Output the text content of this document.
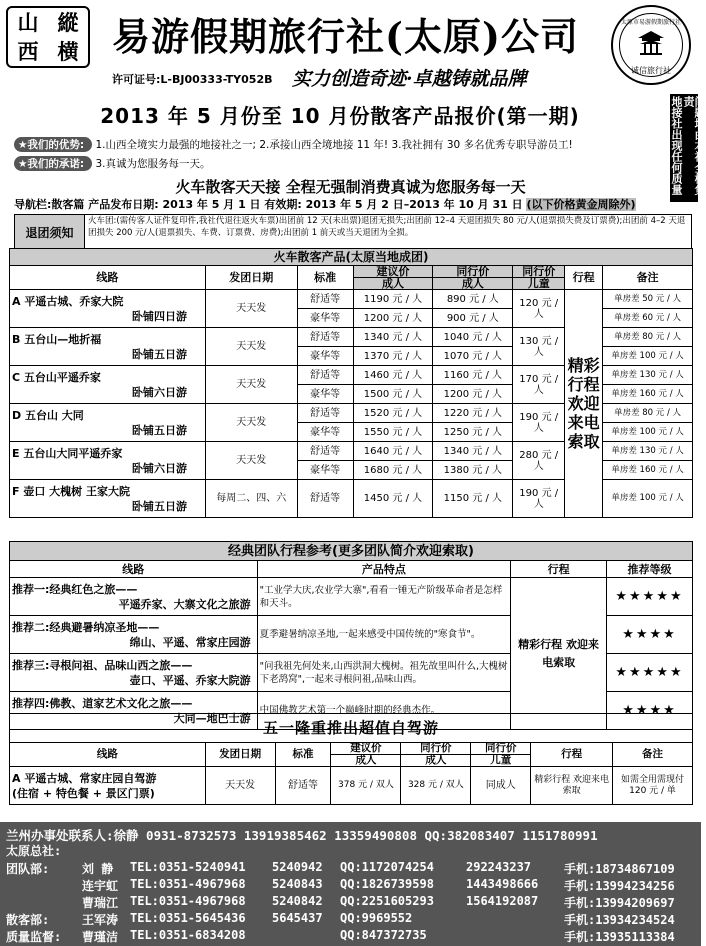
山 縱
西 横 易游假期旅行社(太原)公司
许可证号:L-BJ00333-TY052B 实力创造奇迹·卓越铸就品牌
太原市易游假期旅行社
诚信旅行社
2013 年 5 月份至 10 月份散客产品报价(第一期)	地接社出现任何质量 问题均由本社全权负责
★我们的优势: 1.山西全境实力最强的地接社之一; 2.承接山西全境地接 11 年! 3.我社拥有 30 多名优秀专职导游员工!
★我们的承诺: 3.真诚为您服务每一天。
火车散客天天接 全程无强制消费真诚为您服务每一天
导航栏:散客篇 产品发布日期: 2013 年 5 月 1 日 有效期: 2013 年 5 月 2 日–2013 年 10 月 31 日 (以下价格黄金周除外)
退团须知
火车团:(需传客人证件复印件,我社代退往返火车票)出团前 12 天(未出票)退团无损失;出团前 12–4 天退团损失 80 元/人(退票损失费及订票费);出团前 4–2 天退团损失 200 元/人(退票损失、车费、订票费、房费);出团前 1 前天或当天退团为全损。
火车散客产品(太原当地成团)							
线路	发团日期	标准	建议价	同行价	同行价	行程	备注
			成人	成人	儿童		

A 平遥古城、乔家大院
卧铺四日游	天天发	舒适等	1190 元 / 人	890 元 / 人	120 元 / 人	精彩行程 欢迎来电索取	单房差 50 元 / 人
		豪华等	1200 元 / 人	900 元 / 人			单房差 60 元 / 人

B 五台山—地折福
卧铺五日游	天天发	舒适等	1340 元 / 人	1040 元 / 人	130 元 / 人		单房差 80 元 / 人
		豪华等	1370 元 / 人	1070 元 / 人			单房差 100 元 / 人

C 五台山平遥乔家
卧铺六日游	天天发	舒适等	1460 元 / 人	1160 元 / 人	170 元 / 人		单房差 130 元 / 人
		豪华等	1500 元 / 人	1200 元 / 人			单房差 160 元 / 人

D 五台山 大同
卧铺五日游	天天发	舒适等	1520 元 / 人	1220 元 / 人	190 元 / 人		单房差 80 元 / 人
		豪华等	1550 元 / 人	1250 元 / 人			单房差 100 元 / 人

E 五台山大同平遥乔家
卧铺六日游	天天发	舒适等	1640 元 / 人	1340 元 / 人	280 元 / 人		单房差 130 元 / 人
		豪华等	1680 元 / 人	1380 元 / 人			单房差 160 元 / 人

F 壶口 大槐树 王家大院
卧铺五日游	每周二、四、六	舒适等	1450 元 / 人	1150 元 / 人	190 元 / 人		单房差 100 元 / 人
经典团队行程参考(更多团队简介欢迎索取)			
线路	产品特点	行程	推荐等级
推荐一:经典红色之旅——
平遥乔家、大寨文化之旅游	"工业学大庆,农业学大寨",看看一锤无产阶级革命者是怎样和天斗。	精彩行程 欢迎来电索取	★★★★★
推荐二:经典避暑纳凉圣地——
绵山、平遥、常家庄园游	夏季避暑纳凉圣地,一起来感受中国传统的"寒食节"。		★★★★
推荐三:寻根问祖、品味山西之旅——
壶口、平遥、乔家大院游	"问我祖先何处来,山西洪洞大槐树。祖先故里叫什么,大槐树下老鸹窝",一起来寻根问祖,品味山西。		★★★★★
推荐四:佛教、道家艺术文化之旅——
大同—地巴士游	中国佛教艺术第一个巅峰时期的经典杰作。		★★★★
五一隆重推出超值自驾游							
线路	发团日期	标准	建议价	同行价	同行价	行程	备注
			成人	成人	儿童		

A 平遥古城、常家庄园自驾游
(住宿 + 特色餐 + 景区门票)	天天发	舒适等	378 元 / 双人	328 元 / 双人	同成人	精彩行程 欢迎来电索取	如需全用需现付 120 元 / 单
兰州办事处联系人:徐静 0931-8732573 13919385462 13359490808 QQ:382083407 1151780991
太原总社:
团队部:	刘 静 TEL:0351-5240941 5240942 QQ:1172074254	292243237	手机:18734867109
连宇虹 TEL:0351-4967968 5240843 QQ:1826739598	1443498666 手机:13994234256
曹瑞江 TEL:0351-4967968 5240842 QQ:2251605293	1564192087 手机:13994209697
散客部:	王军涛 TEL:0351-5645436 5645437 QQ:9969552	手机:13934234524
质量监督: 曹瑾洁 TEL:0351-6834208	QQ:847372735	手机:13935113384
